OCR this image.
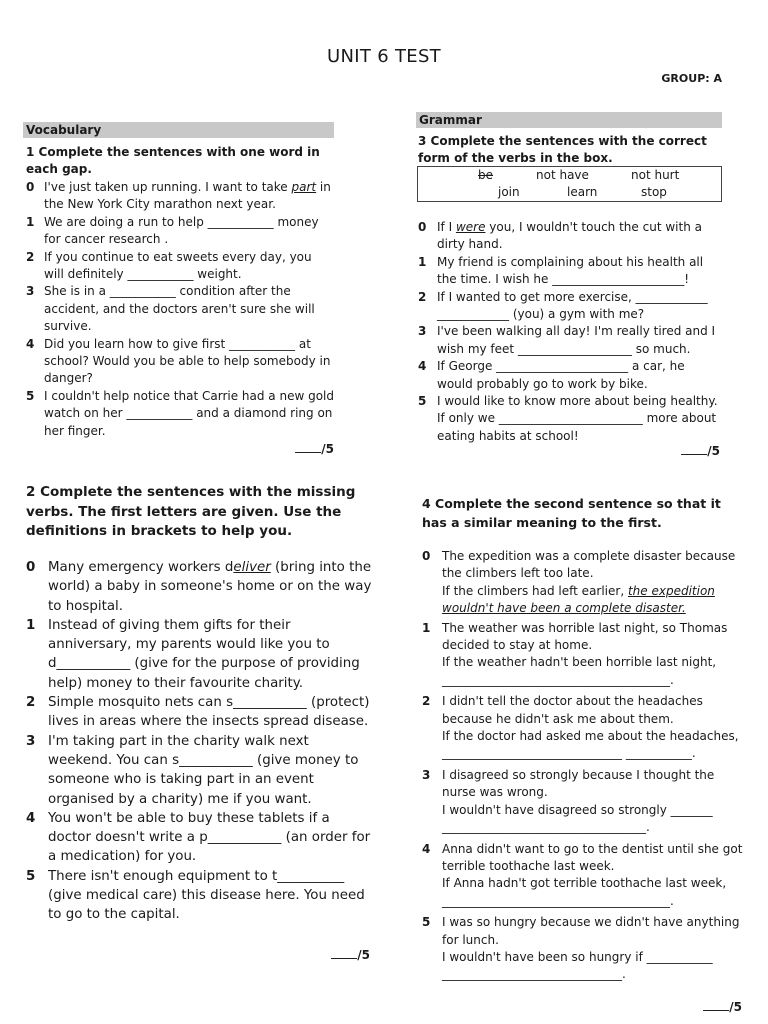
UNIT 6 TEST
GROUP: A
Vocabulary
1 Complete the sentences with one word in each gap.
0 I've just taken up running. I want to take part in the New York City marathon next year.
1 We are doing a run to help ___________ money for cancer research .
2 If you continue to eat sweets every day, you will definitely ___________ weight.
3 She is in a ___________ condition after the accident, and the doctors aren't sure she will survive.
4 Did you learn how to give first ___________ at school? Would you be able to help somebody in danger?
5 I couldn't help notice that Carrie had a new gold watch on her ___________ and a diamond ring on her finger.
/5
Grammar
3 Complete the sentences with the correct form of the verbs in the box.
be	not have	not hurt
join	learn	stop
0 If I were you, I wouldn't touch the cut with a dirty hand.
1 My friend is complaining about his health all the time. I wish he ______________________!
2 If I wanted to get more exercise, ____________ ____________ (you) a gym with me?
3 I've been walking all day! I'm really tired and I wish my feet ___________________ so much.
4 If George ______________________ a car, he would probably go to work by bike.
5 I would like to know more about being healthy. If only we ________________________ more about eating habits at school!
/5
2 Complete the sentences with the missing verbs. The first letters are given. Use the definitions in brackets to help you.
0 Many emergency workers deliver (bring into the world) a baby in someone's home or on the way to hospital.
1 Instead of giving them gifts for their anniversary, my parents would like you to d___________ (give for the purpose of providing help) money to their favourite charity.
2 Simple mosquito nets can s___________ (protect) lives in areas where the insects spread disease.
3 I'm taking part in the charity walk next weekend. You can s___________ (give money to someone who is taking part in an event organised by a charity) me if you want.
4 You won't be able to buy these tablets if a doctor doesn't write a p___________ (an order for a medication) for you.
5 There isn't enough equipment to t__________ (give medical care) this disease here. You need to go to the capital.
/5
4 Complete the second sentence so that it has a similar meaning to the first.
0 The expedition was a complete disaster because the climbers left too late.
If the climbers had left earlier, the expedition wouldn't have been a complete disaster.
1 The weather was horrible last night, so Thomas decided to stay at home.
If the weather hadn't been horrible last night, ______________________________________.
2 I didn't tell the doctor about the headaches because he didn't ask me about them.
If the doctor had asked me about the headaches, ______________________________ ___________.
3 I disagreed so strongly because I thought the nurse was wrong.
I wouldn't have disagreed so strongly _______ __________________________________.
4 Anna didn't want to go to the dentist until she got terrible toothache last week.
If Anna hadn't got terrible toothache last week, ______________________________________.
5 I was so hungry because we didn't have anything for lunch.
I wouldn't have been so hungry if ___________ ______________________________.
/5
